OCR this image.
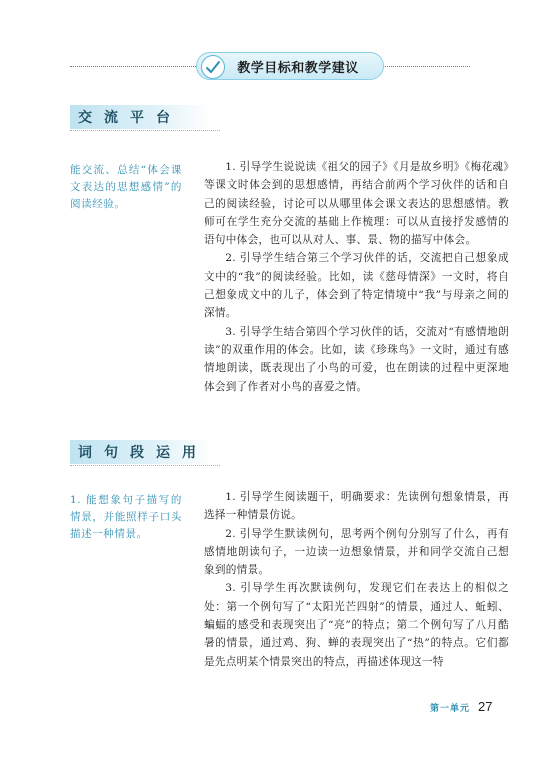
教学目标和教学建议
交流平台
能交流、总结“体会课文表达的思想感情”的阅读经验。

1. 引导学生说说读《祖父的园子》《月是故乡明》《梅花魂》等课文时体会到的思想感情，再结合前两个学习伙伴的话和自己的阅读经验，讨论可以从哪里体会课文表达的思想感情。教师可在学生充分交流的基础上作梳理：可以从直接抒发感情的语句中体会，也可以从对人、事、景、物的描写中体会。

2. 引导学生结合第三个学习伙伴的话，交流把自己想象成文中的“我”的阅读经验。比如，读《慈母情深》一文时，将自己想象成文中的儿子，体会到了特定情境中“我”与母亲之间的深情。

3. 引导学生结合第四个学习伙伴的话，交流对“有感情地朗读”的双重作用的体会。比如，读《珍珠鸟》一文时，通过有感情地朗读，既表现出了小鸟的可爱，也在朗读的过程中更深地体会到了作者对小鸟的喜爱之情。

词句段运用
1. 能想象句子描写的情景，并能照样子口头描述一种情景。

1. 引导学生阅读题干，明确要求：先读例句想象情景，再选择一种情景仿说。

2. 引导学生默读例句，思考两个例句分别写了什么，再有感情地朗读句子，一边读一边想象情景，并和同学交流自己想象到的情景。

3. 引导学生再次默读例句，发现它们在表达上的相似之处：第一个例句写了“太阳光芒四射”的情景，通过人、蚯蚓、蝙蝠的感受和表现突出了“亮”的特点；第二个例句写了八月酷暑的情景，通过鸡、狗、蝉的表现突出了“热”的特点。它们都是先点明某个情景突出的特点，再描述体现这一特

第一单元 27
